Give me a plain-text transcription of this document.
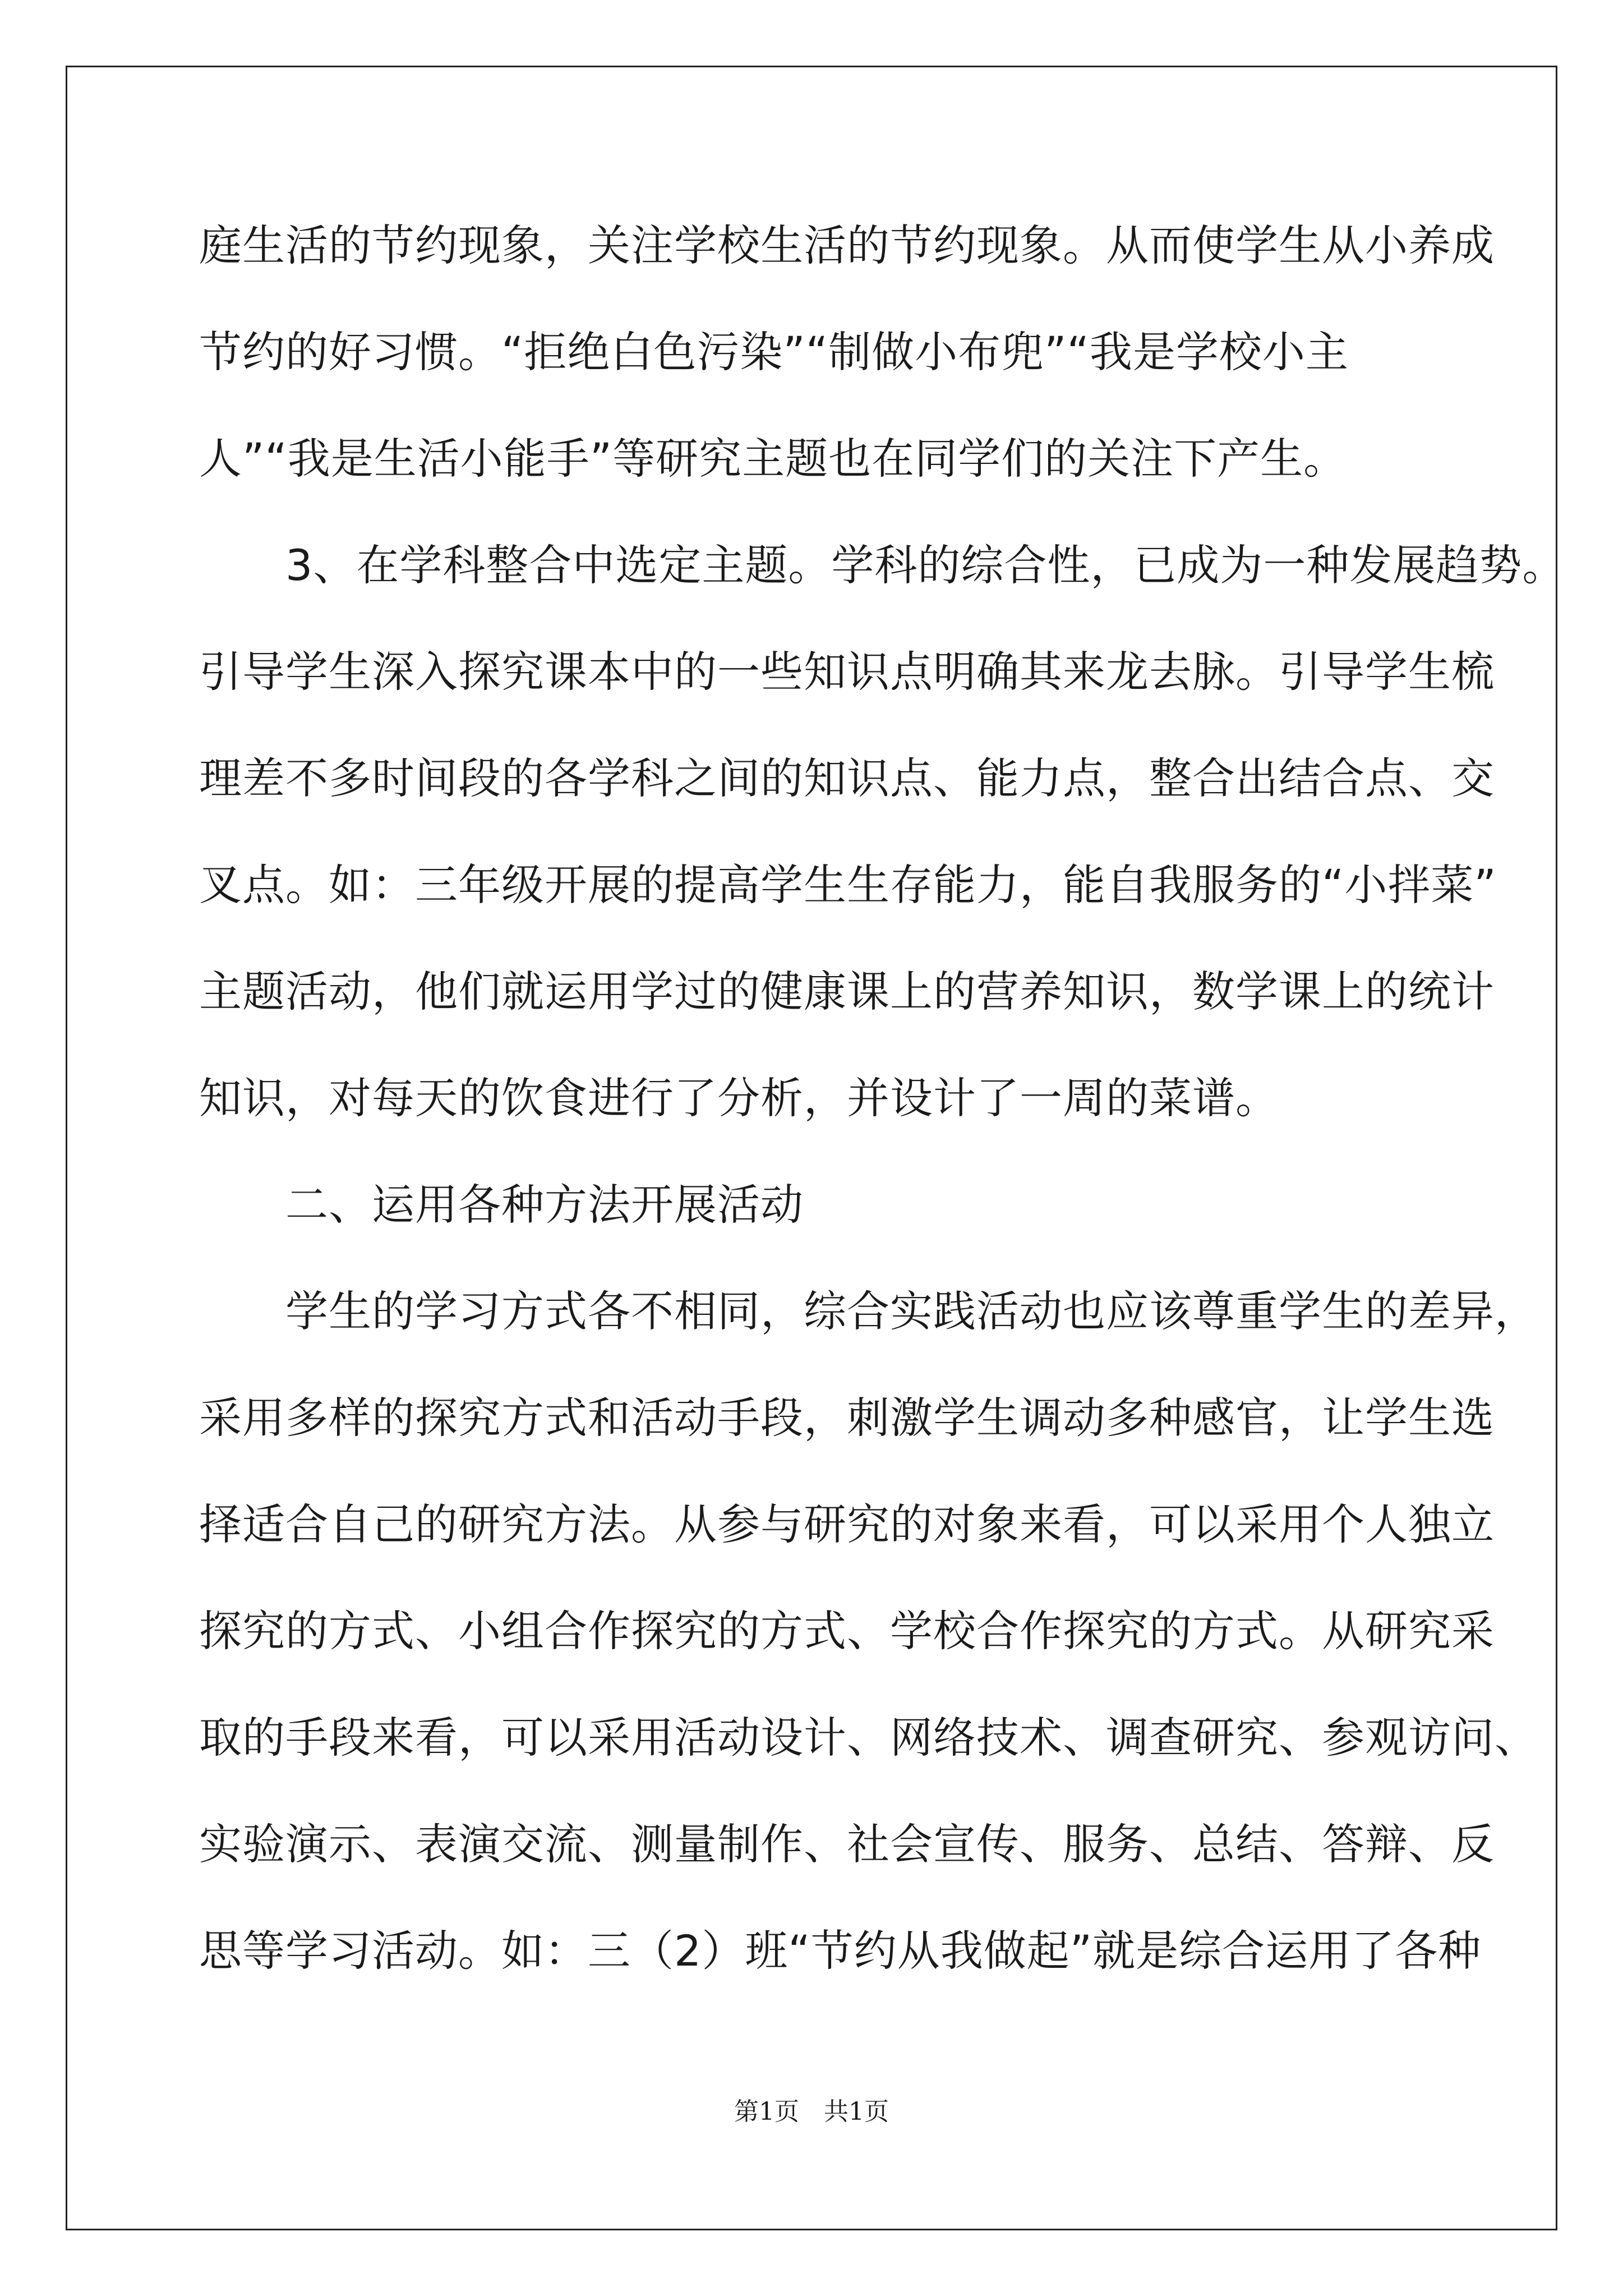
庭生活的节约现象，关注学校生活的节约现象。从而使学生从小养成
节约的好习惯。“拒绝白色污染”“制做小布兜”“我是学校小主
人”“我是生活小能手”等研究主题也在同学们的关注下产生。
　　3、在学科整合中选定主题。学科的综合性，已成为一种发展趋势。
引导学生深入探究课本中的一些知识点明确其来龙去脉。引导学生梳
理差不多时间段的各学科之间的知识点、能力点，整合出结合点、交
叉点。如：三年级开展的提高学生生存能力，能自我服务的“小拌菜”
主题活动，他们就运用学过的健康课上的营养知识，数学课上的统计
知识，对每天的饮食进行了分析，并设计了一周的菜谱。
　　二、运用各种方法开展活动
　　学生的学习方式各不相同，综合实践活动也应该尊重学生的差异，
采用多样的探究方式和活动手段，刺激学生调动多种感官，让学生选
择适合自己的研究方法。从参与研究的对象来看，可以采用个人独立
探究的方式、小组合作探究的方式、学校合作探究的方式。从研究采
取的手段来看，可以采用活动设计、网络技术、调查研究、参观访问、
实验演示、表演交流、测量制作、社会宣传、服务、总结、答辩、反
思等学习活动。如：三（2）班“节约从我做起”就是综合运用了各种
第1页　共1页
